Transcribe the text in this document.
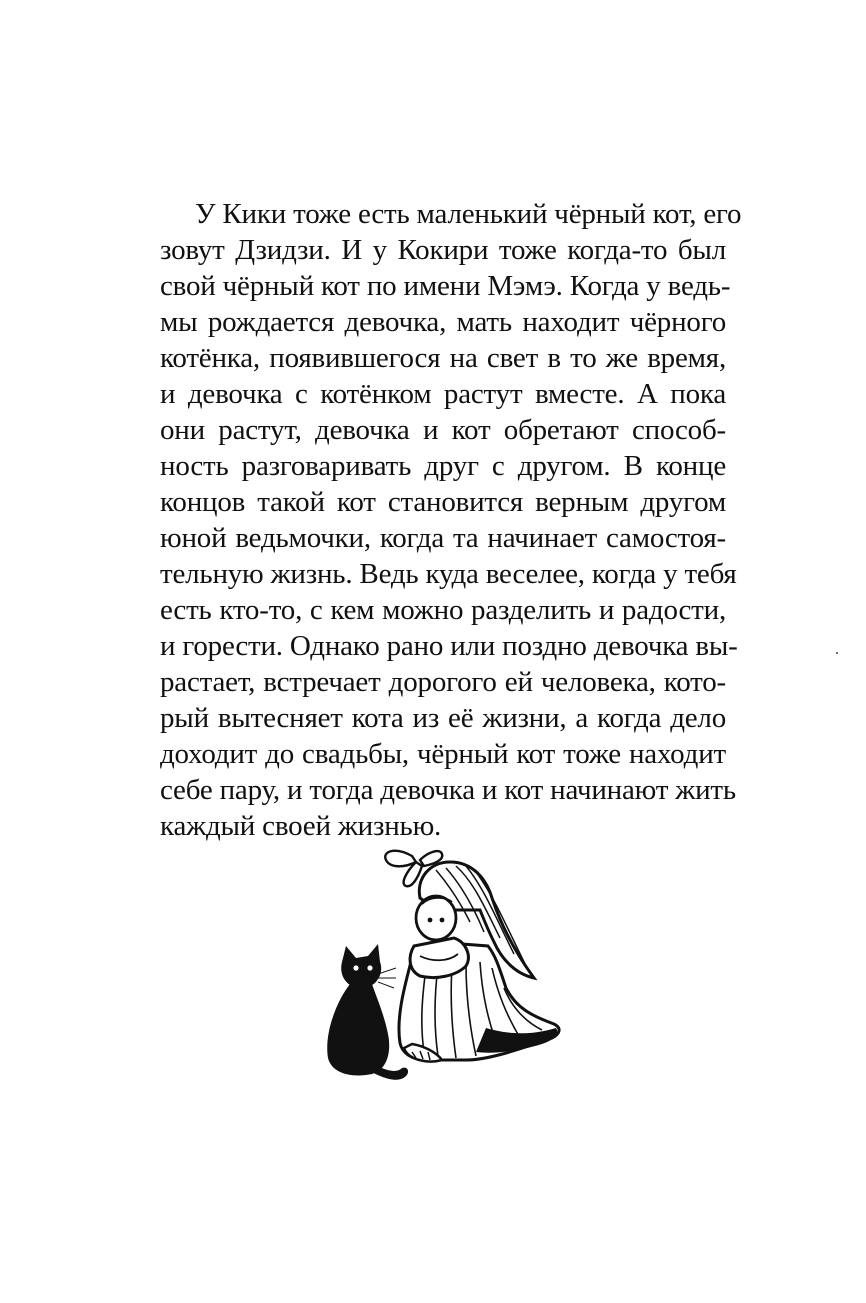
У Кики тоже есть маленький чёрный кот, его
зовут Дзидзи. И у Кокири тоже когда-то был
свой чёрный кот по имени Мэмэ. Когда у ведь-
мы рождается девочка, мать находит чёрного
котёнка, появившегося на свет в то же время,
и девочка с котёнком растут вместе. А пока
они растут, девочка и кот обретают способ-
ность разговаривать друг с другом. В конце
концов такой кот становится верным другом
юной ведьмочки, когда та начинает самостоя-
тельную жизнь. Ведь куда веселее, когда у тебя
есть кто-то, с кем можно разделить и радости,
и горести. Однако рано или поздно девочка вы-
растает, встречает дорогого ей человека, кото-
рый вытесняет кота из её жизни, а когда дело
доходит до свадьбы, чёрный кот тоже находит
себе пару, и тогда девочка и кот начинают жить
каждый своей жизнью.
